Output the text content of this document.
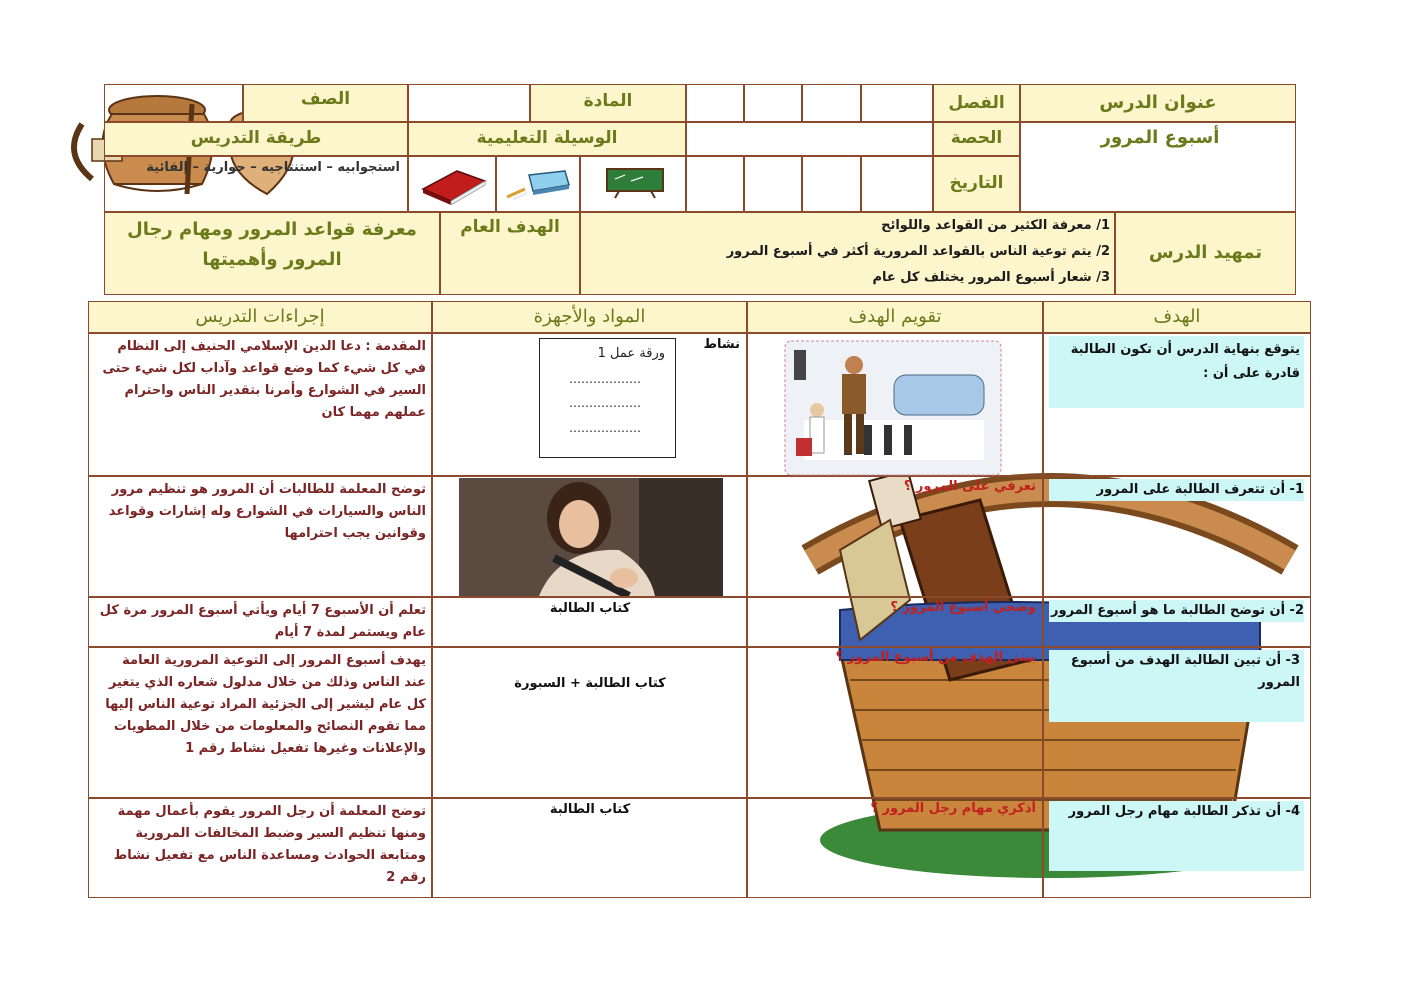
عنوان الدرس
الفصل
المادة
الصف
أسبوع المرور
الحصة
الوسيلة التعليمية
طريقة التدريس
التاريخ
استجوابيه – استنتاجيه – حوارية – إلقائية
تمهيد الدرس
1/ معرفة الكثير من القواعد واللوائح
2/ يتم توعية الناس بالقواعد المرورية أكثر في أسبوع المرور
3/ شعار أسبوع المرور يختلف كل عام
الهدف العام
معرفة قواعد المرور ومهام رجال المرور وأهميتها
الهدف
تقويم الهدف
المواد والأجهزة
إجراءات التدريس
يتوقع بنهاية الدرس أن تكون الطالبة قادرة على أن :
نشاط
ورقة عمل 1
………………
………………
………………
المقدمة : دعا الدين الإسلامي الحنيف إلى النظام في كل شيء كما وضع قواعد وآداب لكل شيء حتى السير في الشوارع وأمرنا بتقدير الناس واحترام عملهم مهما كان
1- أن تتعرف الطالبة على المرور
تعرفي على المرور ؟
توضح المعلمة للطالبات أن المرور هو تنظيم مرور الناس والسيارات في الشوارع وله إشارات وقواعد وقوانين يجب احترامها
2- أن توضح الطالبة ما هو أسبوع المرور
وضحي أسبوع المرور ؟
كتاب الطالبة
تعلم أن الأسبوع 7 أيام ويأتي أسبوع المرور مرة كل عام ويستمر لمدة 7 أيام
3- أن تبين الطالبة الهدف من أسبوع المرور
بيني الهدف من أسبوع المرور ؟
كتاب الطالبة + السبورة
يهدف أسبوع المرور إلى التوعية المرورية العامة عند الناس وذلك من خلال مدلول شعاره الذي يتغير كل عام ليشير إلى الجزئية المراد توعية الناس إليها مما تقوم النصائح والمعلومات من خلال المطويات والإعلانات وغيرها تفعيل نشاط رقم 1
4- أن تذكر الطالبة مهام رجل المرور
أذكري مهام رجل المرور ؟
كتاب الطالبة
توضح المعلمة أن رجل المرور يقوم بأعمال مهمة ومنها تنظيم السير وضبط المخالفات المرورية ومتابعة الحوادث ومساعدة الناس مع تفعيل نشاط رقم 2
